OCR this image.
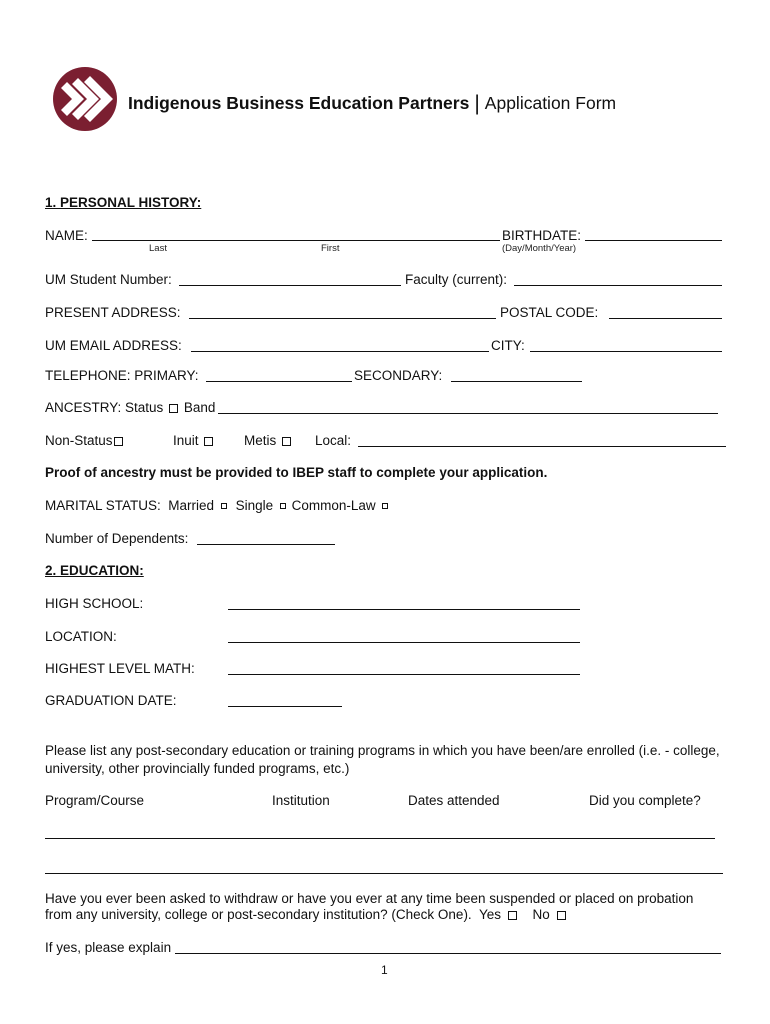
Indigenous Business Education Partners | Application Form
1. PERSONAL HISTORY:
NAME:	BIRTHDATE:
Last	First	(Day/Month/Year)
UM Student Number:	Faculty (current):
PRESENT ADDRESS:	POSTAL CODE:
UM EMAIL ADDRESS:	CITY:
TELEPHONE: PRIMARY:	SECONDARY:
ANCESTRY: Status Band
Non-Status	Inuit	Metis	Local:
Proof of ancestry must be provided to IBEP staff to complete your application.
MARITAL STATUS: Married Single Common-Law
Number of Dependents:
2. EDUCATION:
HIGH SCHOOL:
LOCATION:
HIGHEST LEVEL MATH:
GRADUATION DATE:
Please list any post-secondary education or training programs in which you have been/are enrolled (i.e. - college,
university, other provincially funded programs, etc.)
Program/Course	Institution	Dates attended	Did you complete?
Have you ever been asked to withdraw or have you ever at any time been suspended or placed on probation
from any university, college or post-secondary institution? (Check One). Yes No
If yes, please explain
1
